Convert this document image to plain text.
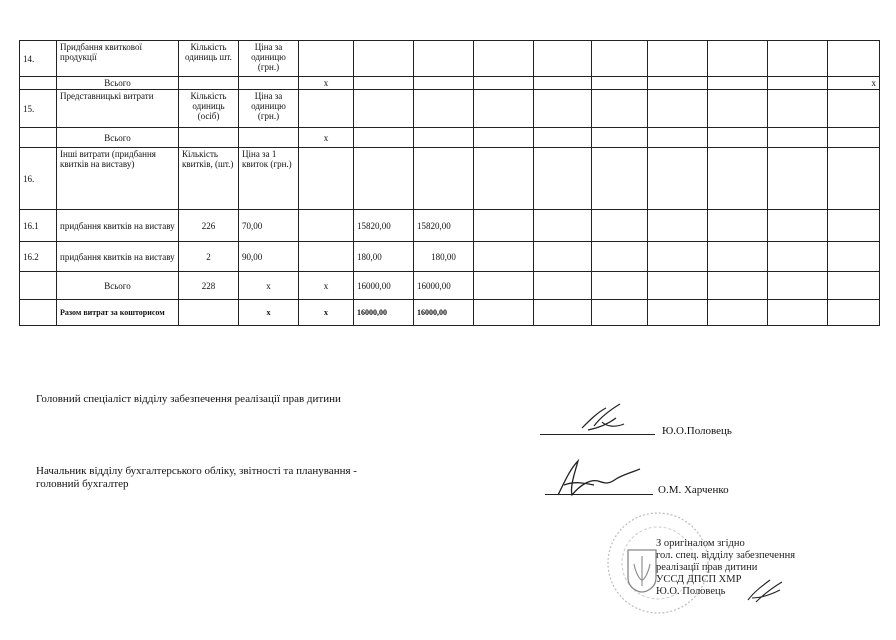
14.	Придбання квиткової продукції	Кількість одиниць шт.	Ціна за одиницю (грн.)										
	Всього			х									х
15.	Представницькі витрати	Кількість одиниць (осіб)	Ціна за одиницю (грн.)										
	Всього			х									
16.	Інші витрати (придбання квитків на виставу)	Кількість квитків, (шт.)	Ціна за 1 квиток (грн.)										
16.1	придбання квитків на виставу	226	70,00		15820,00	15820,00							
16.2	придбання квитків на виставу	2	90,00		180,00	180,00							
	Всього	228	х	х	16000,00	16000,00							
	Разом витрат за кошторисом		х	х	16000,00	16000,00							
Головний спеціаліст відділу забезпечення реалізації прав дитини
Ю.О.Половець
Начальник відділу бухгалтерського обліку, звітності та планування -
головний бухгалтер	О.М. Харченко
З оригіналом згідно
гол. спец. відділу забезпечення
реалізації прав дитини
УССД ДПСП ХМР
Ю.О. Половець
